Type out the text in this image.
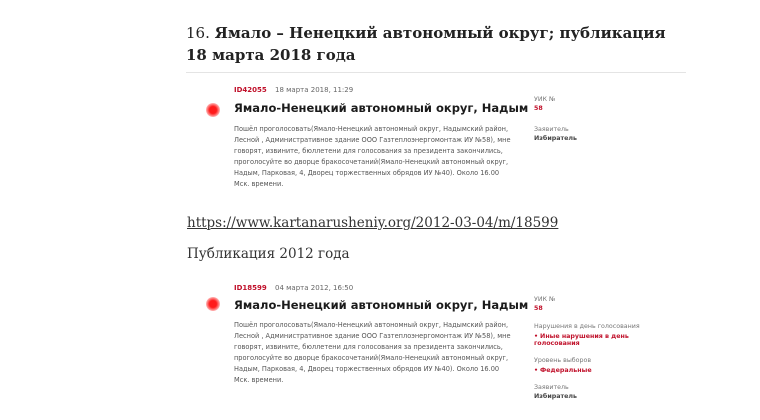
16. Ямало – Ненецкий автономный округ; публикация 18 марта 2018 года
ID42055 18 марта 2018, 11:29
Ямало-Ненецкий автономный округ, Надым
Пошёл проголосовать(Ямало-Ненецкий автономный округ, Надымский район, Лесной , Административное здание ООО Газтеплоэнергомонтаж ИУ №58), мне говорят, извините, бюллетени для голосования за президента закончились, проголосуйте во дворце бракосочетаний(Ямало-Ненецкий автономный округ, Надым, Парковая, 4, Дворец торжественных обрядов ИУ №40). Около 16.00 Мск. времени.
УИК №
58
Заявитель
Избиратель
https://www.kartanarusheniy.org/2012-03-04/m/18599
Публикация 2012 года
ID18599 04 марта 2012, 16:50
Ямало-Ненецкий автономный округ, Надым
Пошёл проголосовать(Ямало-Ненецкий автономный округ, Надымский район, Лесной , Административное здание ООО Газтеплоэнергомонтаж ИУ №58), мне говорят, извините, бюллетени для голосования за президента закончились, проголосуйте во дворце бракосочетаний(Ямало-Ненецкий автономный округ, Надым, Парковая, 4, Дворец торжественных обрядов ИУ №40). Около 16.00 Мск. времени.
УИК №
58
Нарушения в день голосования
• Иные нарушения в день голосования
Уровень выборов
• Федеральные
Заявитель
Избиратель
